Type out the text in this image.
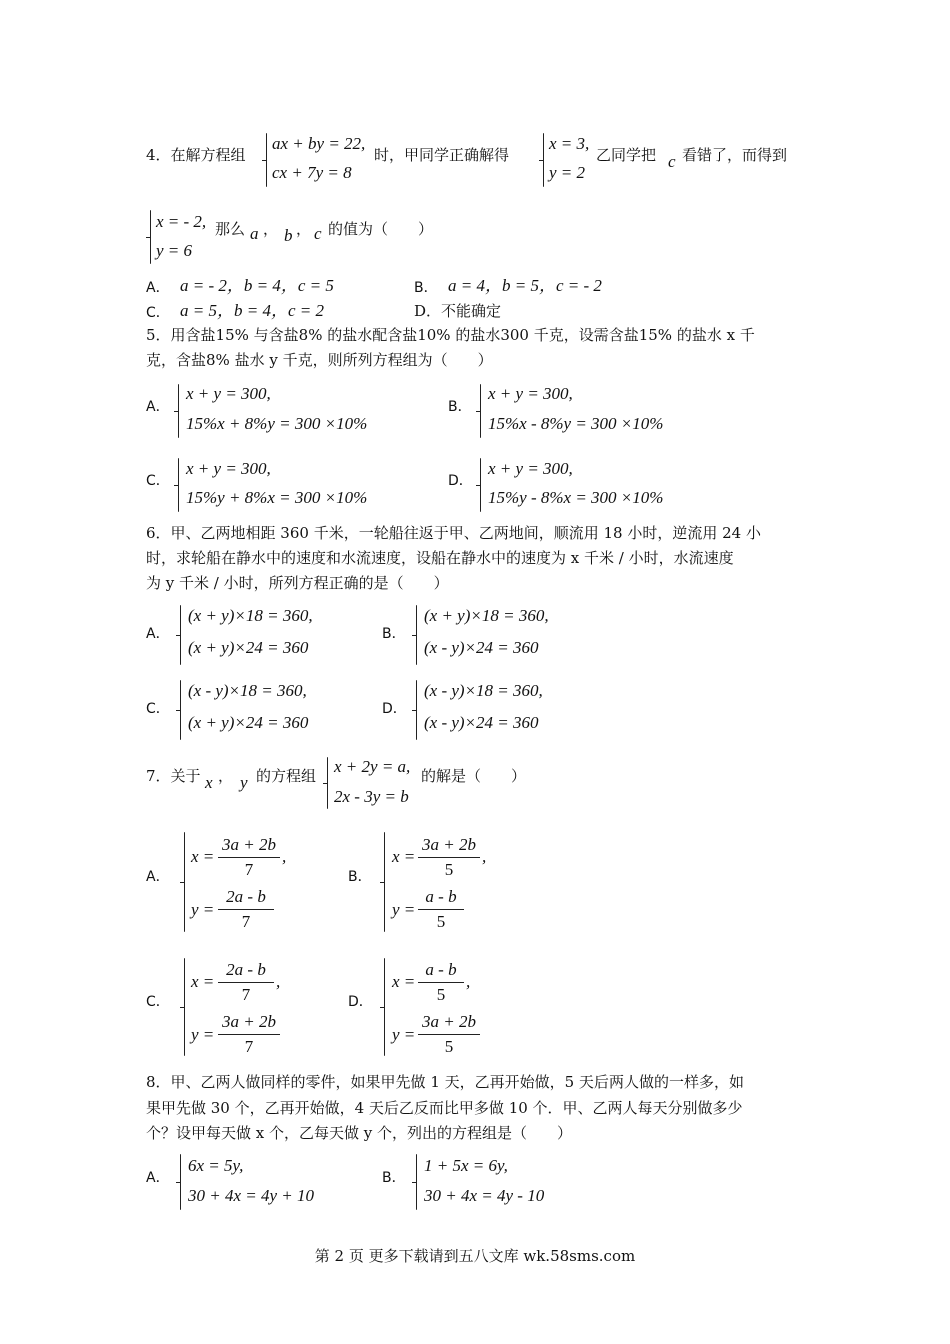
4．在解方程组
ax + by = 22,
cx + 7y = 8
时，甲同学正确解得
x = 3,
y = 2
乙同学把 c 看错了，而得到
x = - 2,
y = 6
那么 a ， b ， c 的值为（　　）
A． a = - 2，b = 4，c = 5	B． a = 4，b = 5，c = - 2
C． a = 5，b = 4，c = 2	D．不能确定
5．用含盐15% 与含盐8% 的盐水配含盐10% 的盐水300 千克，设需含盐15% 的盐水 x 千
克，含盐8% 盐水 y 千克，则所列方程组为（　　）
A．
x + y = 300,
15%x + 8%y = 300 ×10%
B．
x + y = 300,
15%x - 8%y = 300 ×10%
C．
x + y = 300,
15%y + 8%x = 300 ×10%
D．
x + y = 300,
15%y - 8%x = 300 ×10%
6．甲、乙两地相距 360 千米，一轮船往返于甲、乙两地间，顺流用 18 小时，逆流用 24 小
时，求轮船在静水中的速度和水流速度，设船在静水中的速度为 x 千米 / 小时，水流速度
为 y 千米 / 小时，所列方程正确的是（　　）
A．
(x + y)×18 = 360,
(x + y)×24 = 360
B．
(x + y)×18 = 360,
(x - y)×24 = 360
C．
(x - y)×18 = 360,
(x + y)×24 = 360
D．
(x - y)×18 = 360,
(x - y)×24 = 360
7．关于 x ， y 的方程组 x + 2y = a,
2x - 3y = b
的解是（　　）
A．
x =
3a + 2b
7
,
y =
2a - b
7
B．
x =
3a + 2b
5
,
y =
a - b
5
C．
x =
2a - b
7
,
y =
3a + 2b
7
D．
x =
a - b
5
,
y =
3a + 2b
5
8．甲、乙两人做同样的零件，如果甲先做 1 天，乙再开始做，5 天后两人做的一样多，如
果甲先做 30 个，乙再开始做，4 天后乙反而比甲多做 10 个．甲、乙两人每天分别做多少
个？设甲每天做 x 个，乙每天做 y 个，列出的方程组是（　　）
A．
6x = 5y,
30 + 4x = 4y + 10
B．
1 + 5x = 6y,
30 + 4x = 4y - 10
第 2 页 更多下载请到五八文库 wk.58sms.com
